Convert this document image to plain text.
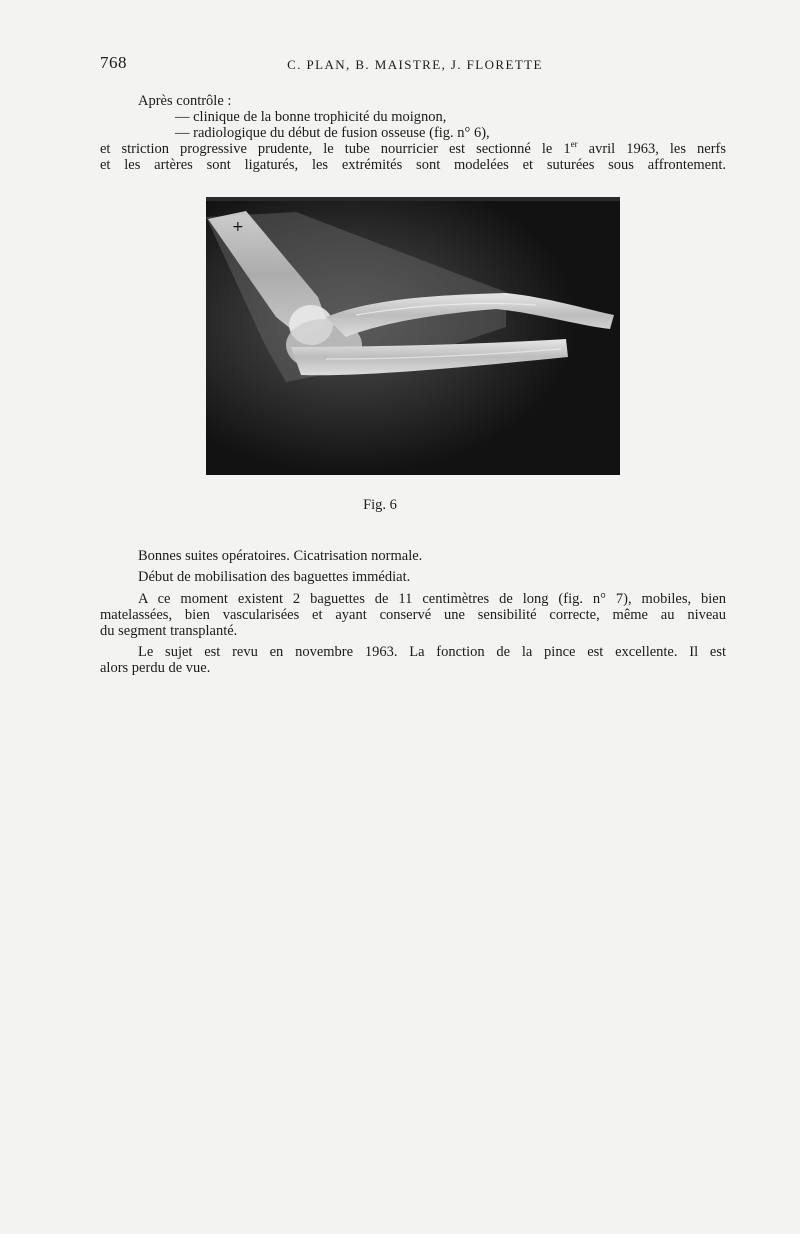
768	C. PLAN, B. MAISTRE, J. FLORETTE
Après contrôle :
— clinique de la bonne trophicité du moignon,
— radiologique du début de fusion osseuse (fig. n° 6),
et striction progressive prudente, le tube nourricier est sectionné le 1er avril 1963, les nerfs
et les artères sont ligaturés, les extrémités sont modelées et suturées sous affrontement.
+
Fig. 6
Bonnes suites opératoires. Cicatrisation normale.
Début de mobilisation des baguettes immédiat.
A ce moment existent 2 baguettes de 11 centimètres de long (fig. n° 7), mobiles, bien
matelassées, bien vascularisées et ayant conservé une sensibilité correcte, même au niveau
du segment transplanté.
Le sujet est revu en novembre 1963. La fonction de la pince est excellente. Il est
alors perdu de vue.
